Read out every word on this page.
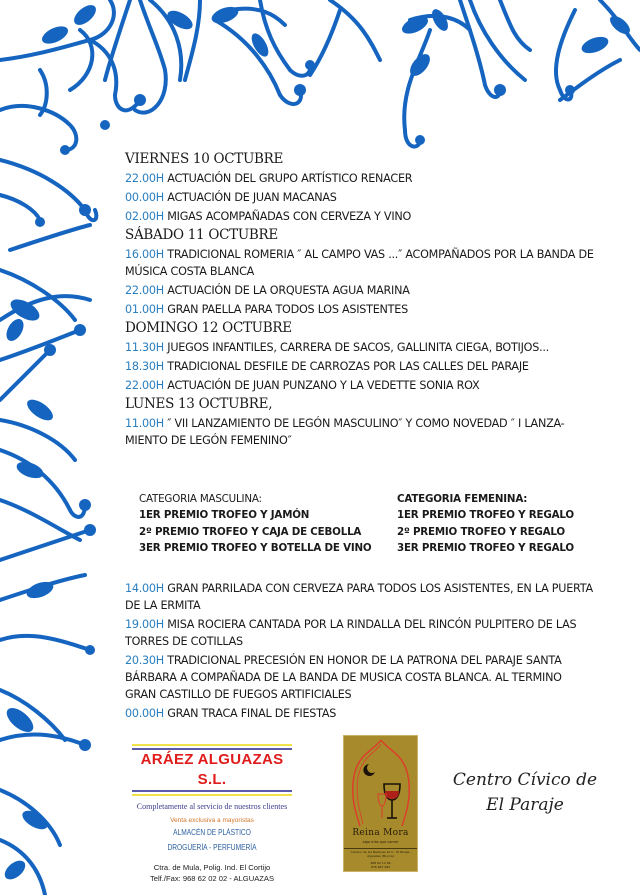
VIERNES 10 OCTUBRE
22.00H ACTUACIÓN DEL GRUPO ARTÍSTICO RENACER
00.00H ACTUACIÓN DE JUAN MACANAS
02.00H MIGAS ACOMPAÑADAS CON CERVEZA Y VINO
SÁBADO 11 OCTUBRE
16.00H TRADICIONAL ROMERIA ″ AL CAMPO VAS ...″ ACOMPAÑADOS POR LA BANDA DE MÚSICA COSTA BLANCA
22.00H ACTUACIÓN DE LA ORQUESTA AGUA MARINA
01.00H GRAN PAELLA PARA TODOS LOS ASISTENTES
DOMINGO 12 OCTUBRE
11.30H JUEGOS INFANTILES, CARRERA DE SACOS, GALLINITA CIEGA, BOTIJOS...
18.30H TRADICIONAL DESFILE DE CARROZAS POR LAS CALLES DEL PARAJE
22.00H ACTUACIÓN DE JUAN PUNZANO Y LA VEDETTE SONIA ROX
LUNES 13 OCTUBRE,
11.00H ″ VII LANZAMIENTO DE LEGÓN MASCULINO″ Y COMO NOVEDAD ″ I LANZA-MIENTO DE LEGÓN FEMENINO″
CATEGORIA MASCULINA:
1ER PREMIO TROFEO Y JAMÓN
2º PREMIO TROFEO Y CAJA DE CEBOLLA
3ER PREMIO TROFEO Y BOTELLA DE VINO
CATEGORIA FEMENINA:
1ER PREMIO TROFEO Y REGALO
2º PREMIO TROFEO Y REGALO
3ER PREMIO TROFEO Y REGALO
14.00H GRAN PARRILADA CON CERVEZA PARA TODOS LOS ASISTENTES, EN LA PUERTA DE LA ERMITA
19.00H MISA ROCIERA CANTADA POR LA RINDALLA DEL RINCÓN PULPITERO DE LAS TORRES DE COTILLAS
20.30H TRADICIONAL PRECESIÓN EN HONOR DE LA PATRONA DEL PARAJE SANTA BÁRBARA A COMPAÑADA DE LA BANDA DE MUSICA COSTA BLANCA. AL TERMINO GRAN CASTILLO DE FUEGOS ARTIFICIALES
00.00H GRAN TRACA FINAL DE FIESTAS
ARÁEZ ALGUAZAS S.L.
Completamente al servicio de nuestros clientes
Venta exclusiva a mayoristas
ALMACÉN DE PLÁSTICO
DROGUERÍA - PERFUMERÍA
Ctra. de Mula, Polig. Ind. El Cortijo
Telf./Fax: 968 62 02 02 - ALGUAZAS
Reina Mora
algo más que comer
Camino de los Bellones 10 C · El Paraje-Alguazas (Murcia)
968 62 12 66
676 987 962
Centro Cívico de
El Paraje
